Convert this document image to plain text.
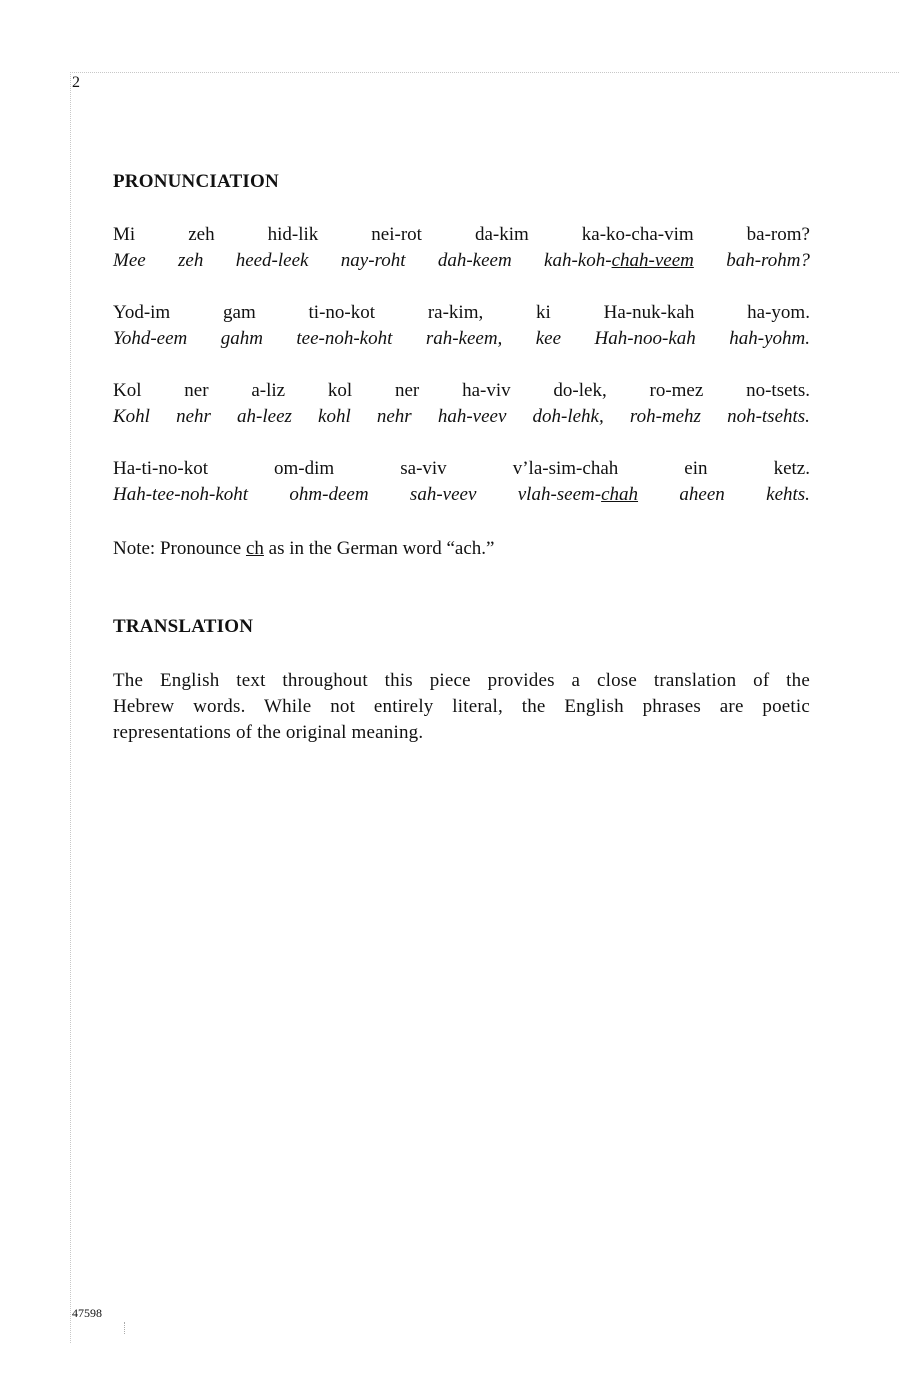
2
PRONUNCIATION
Mi	zeh	hid-lik	nei-rot	da-kim	ka-ko-cha-vim	ba-rom?
Mee zeh heed-leek nay-roht dah-keem kah-koh-chah-veem bah-rohm?
Yod-im	gam	ti-no-kot	ra-kim,	ki	Ha-nuk-kah	ha-yom.
Yohd-eem gahm tee-noh-koht rah-keem, kee Hah-noo-kah hah-yohm.
Kol ner a-liz kol ner ha-viv do-lek, ro-mez no-tsets.
Kohl nehr ah-leez kohl nehr hah-veev doh-lehk, roh-mehz noh-tsehts.
Ha-ti-no-kot	om-dim	sa-viv	v’la-sim-chah	ein	ketz.
Hah-tee-noh-koht ohm-deem sah-veev vlah-seem-chah aheen kehts.
Note: Pronounce ch as in the German word “ach.”
TRANSLATION
The English text throughout this piece provides a close translation of the
Hebrew words. While not entirely literal, the English phrases are poetic
representations of the original meaning.
47598
